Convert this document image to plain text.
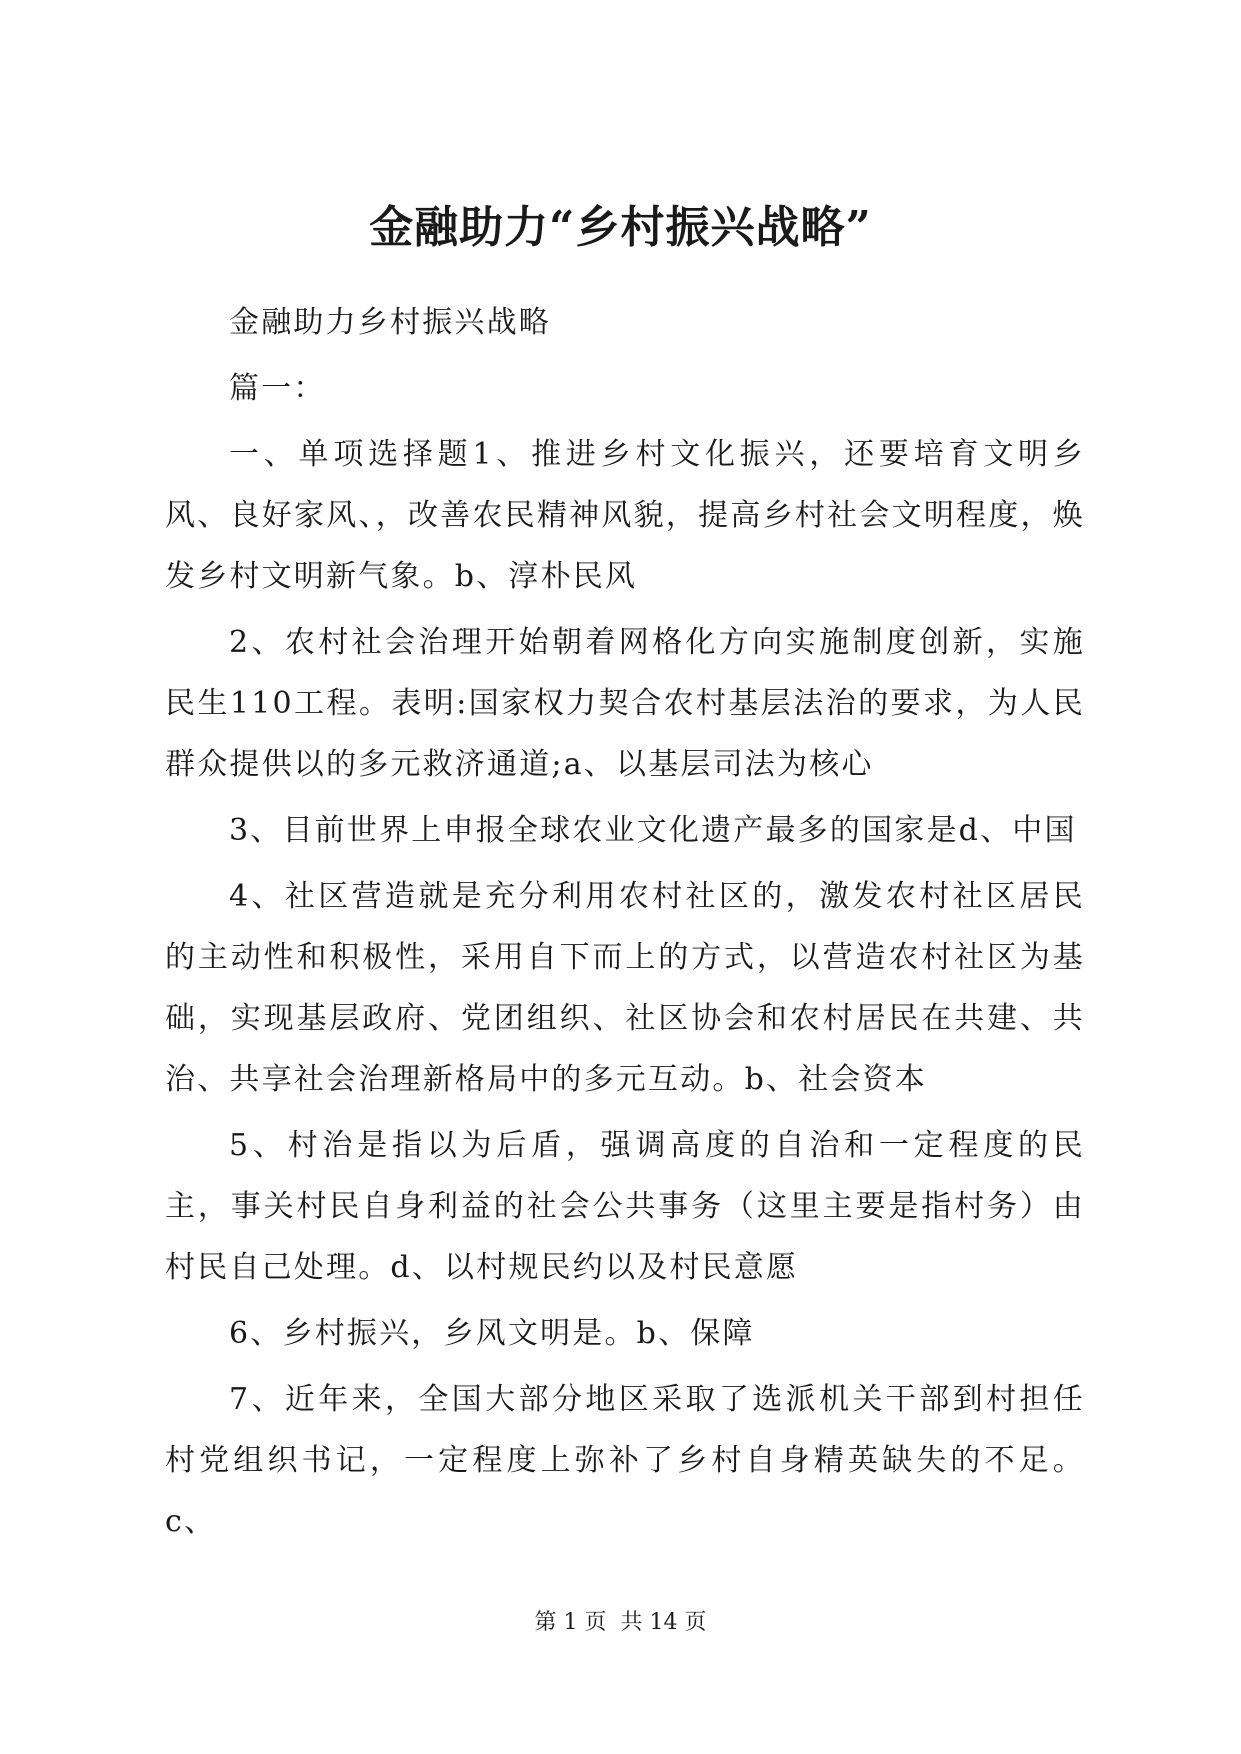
金融助力“乡村振兴战略”

金融助力乡村振兴战略

篇一：

一、单项选择题1、推进乡村文化振兴，还要培育文明乡风、良好家风、，改善农民精神风貌，提高乡村社会文明程度，焕发乡村文明新气象。b、淳朴民风

2、农村社会治理开始朝着网格化方向实施制度创新，实施民生110工程。表明:国家权力契合农村基层法治的要求，为人民群众提供以的多元救济通道;a、以基层司法为核心

3、目前世界上申报全球农业文化遗产最多的国家是d、中国

4、社区营造就是充分利用农村社区的，激发农村社区居民的主动性和积极性，采用自下而上的方式，以营造农村社区为基础，实现基层政府、党团组织、社区协会和农村居民在共建、共治、共享社会治理新格局中的多元互动。b、社会资本

5、村治是指以为后盾，强调高度的自治和一定程度的民主，事关村民自身利益的社会公共事务（这里主要是指村务）由村民自己处理。d、以村规民约以及村民意愿

6、乡村振兴，乡风文明是。b、保障

7、近年来，全国大部分地区采取了选派机关干部到村担任村党组织书记，一定程度上弥补了乡村自身精英缺失的不足。c、

第 1 页  共 14 页
